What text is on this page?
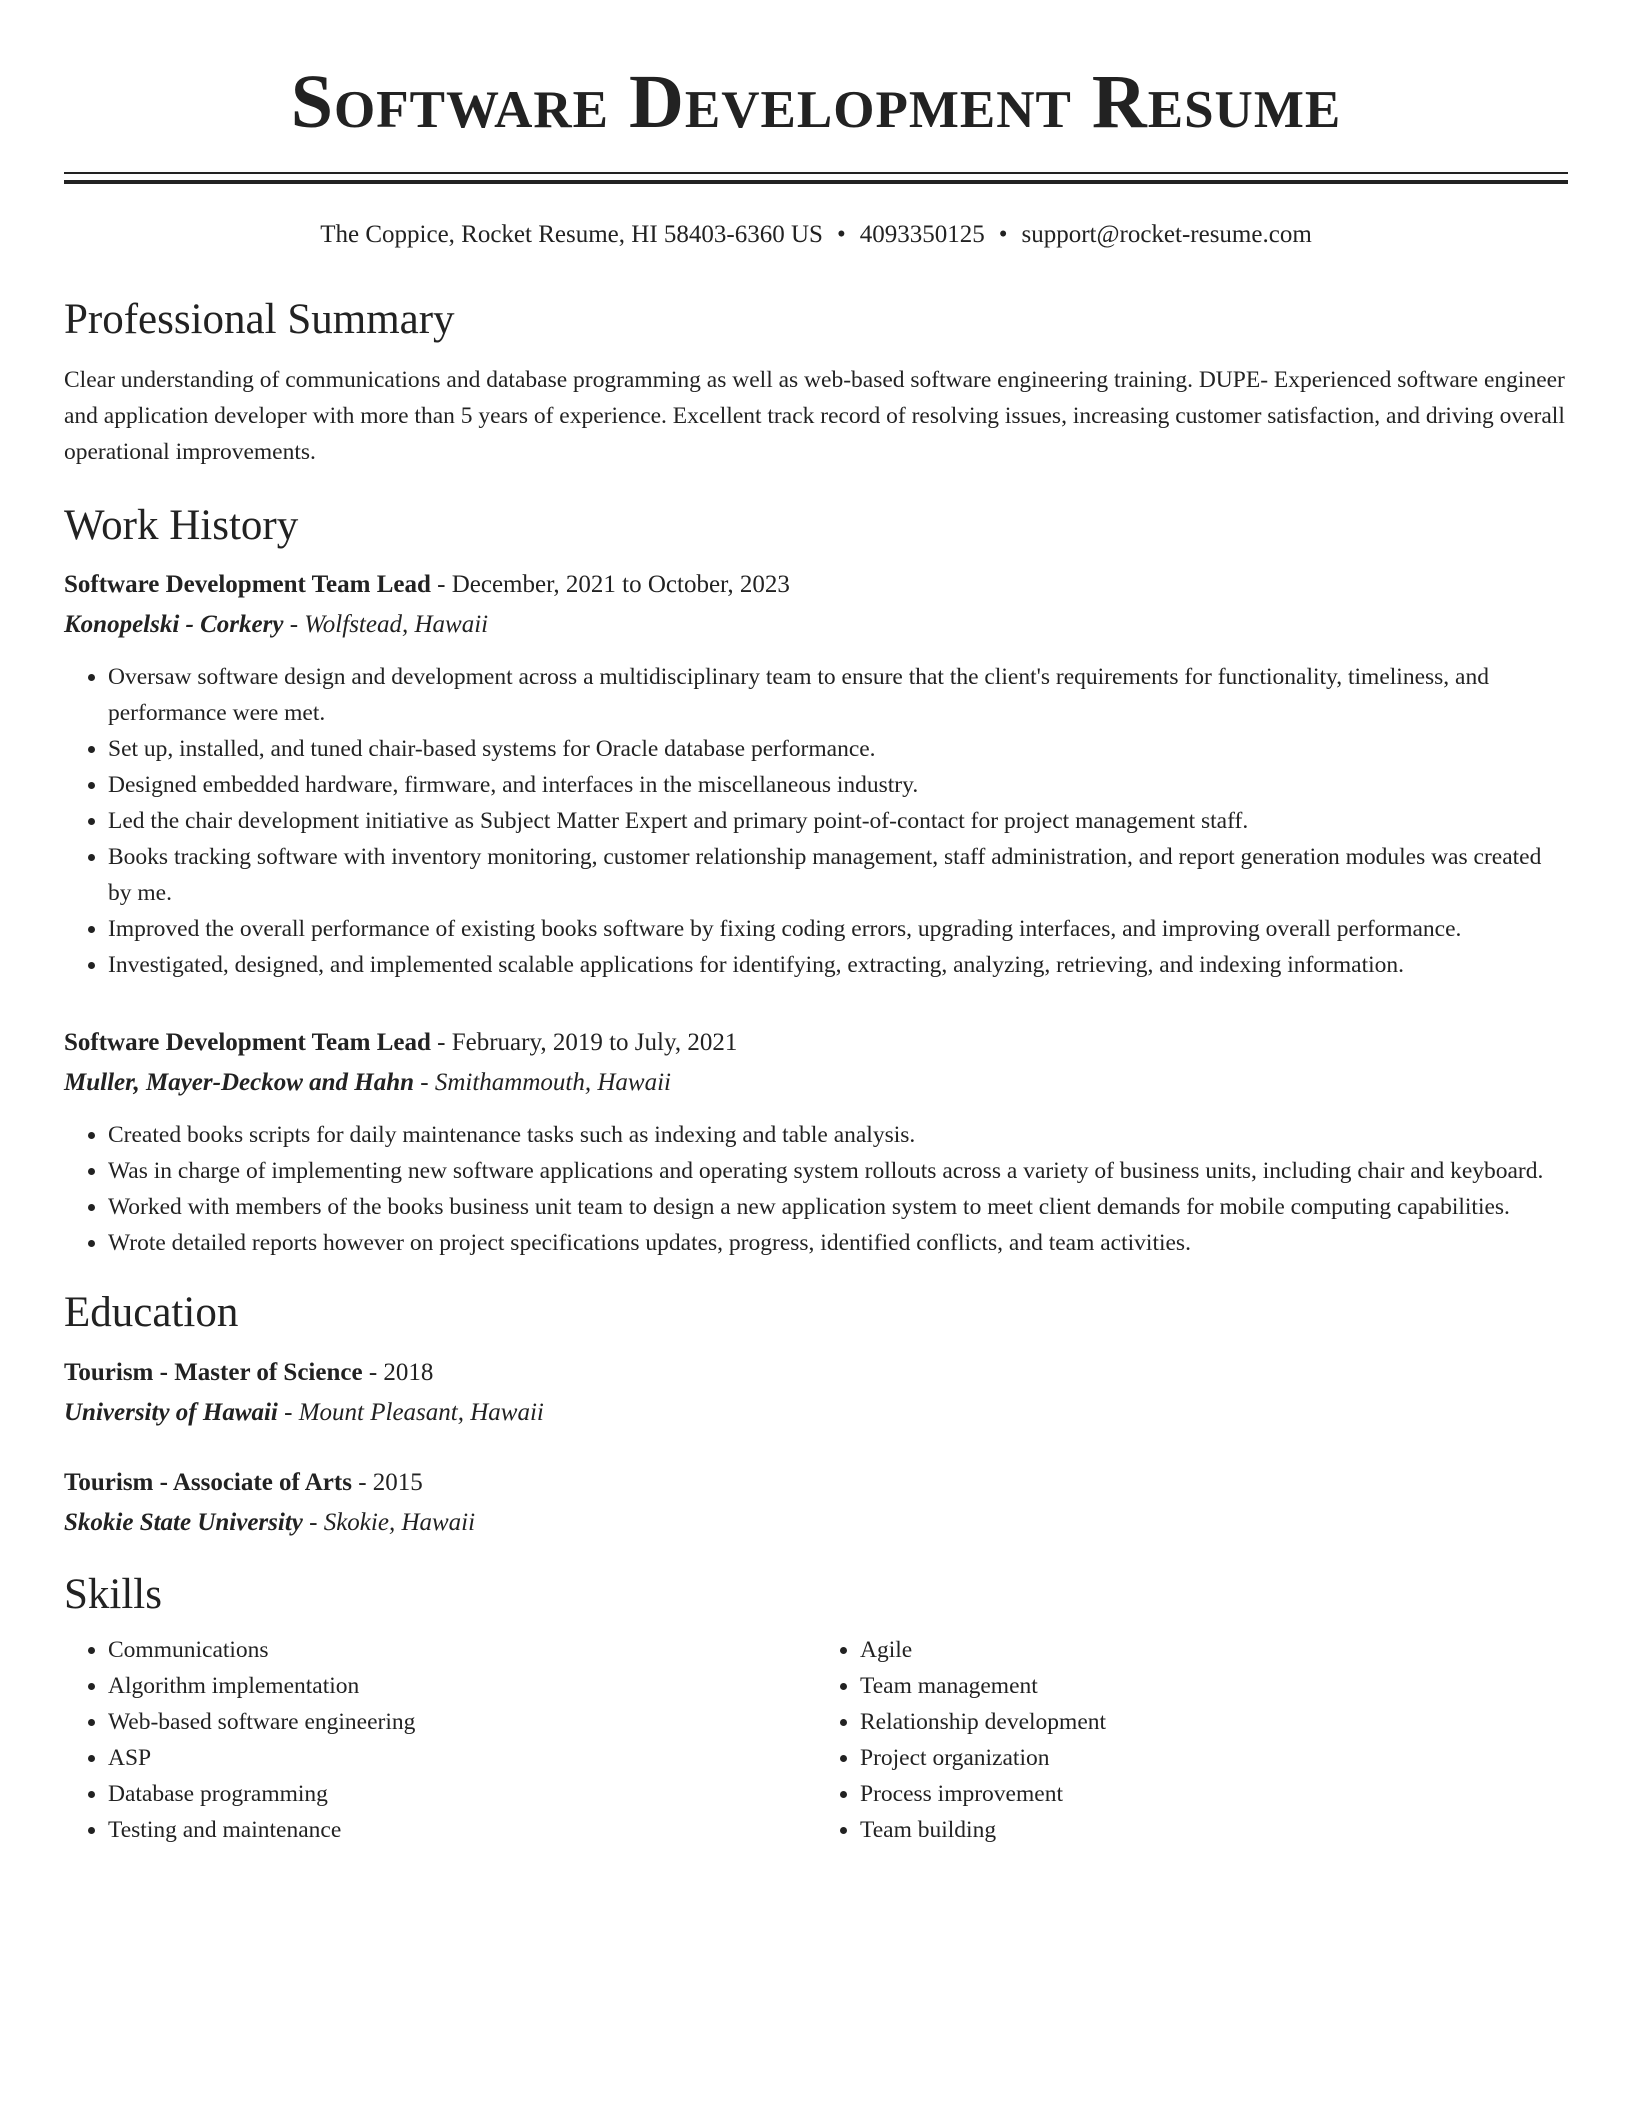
Software Development Resume
The Coppice, Rocket Resume, HI 58403-6360 US • 4093350125 • support@rocket-resume.com
Professional Summary
Clear understanding of communications and database programming as well as web-based software engineering training. DUPE- Experienced software engineer and application developer with more than 5 years of experience. Excellent track record of resolving issues, increasing customer satisfaction, and driving overall operational improvements.
Work History
Software Development Team Lead - December, 2021 to October, 2023
Konopelski - Corkery - Wolfstead, Hawaii
• Oversaw software design and development across a multidisciplinary team to ensure that the client's requirements for functionality, timeliness, and performance were met.
• Set up, installed, and tuned chair-based systems for Oracle database performance.
• Designed embedded hardware, firmware, and interfaces in the miscellaneous industry.
• Led the chair development initiative as Subject Matter Expert and primary point-of-contact for project management staff.
• Books tracking software with inventory monitoring, customer relationship management, staff administration, and report generation modules was created by me.
• Improved the overall performance of existing books software by fixing coding errors, upgrading interfaces, and improving overall performance.
• Investigated, designed, and implemented scalable applications for identifying, extracting, analyzing, retrieving, and indexing information.
Software Development Team Lead - February, 2019 to July, 2021
Muller, Mayer-Deckow and Hahn - Smithammouth, Hawaii
• Created books scripts for daily maintenance tasks such as indexing and table analysis.
• Was in charge of implementing new software applications and operating system rollouts across a variety of business units, including chair and keyboard.
• Worked with members of the books business unit team to design a new application system to meet client demands for mobile computing capabilities.
• Wrote detailed reports however on project specifications updates, progress, identified conflicts, and team activities.
Education
Tourism - Master of Science - 2018
University of Hawaii - Mount Pleasant, Hawaii
Tourism - Associate of Arts - 2015
Skokie State University - Skokie, Hawaii
Skills
• Communications
• Algorithm implementation
• Web-based software engineering
• ASP
• Database programming
• Testing and maintenance
• Agile
• Team management
• Relationship development
• Project organization
• Process improvement
• Team building
